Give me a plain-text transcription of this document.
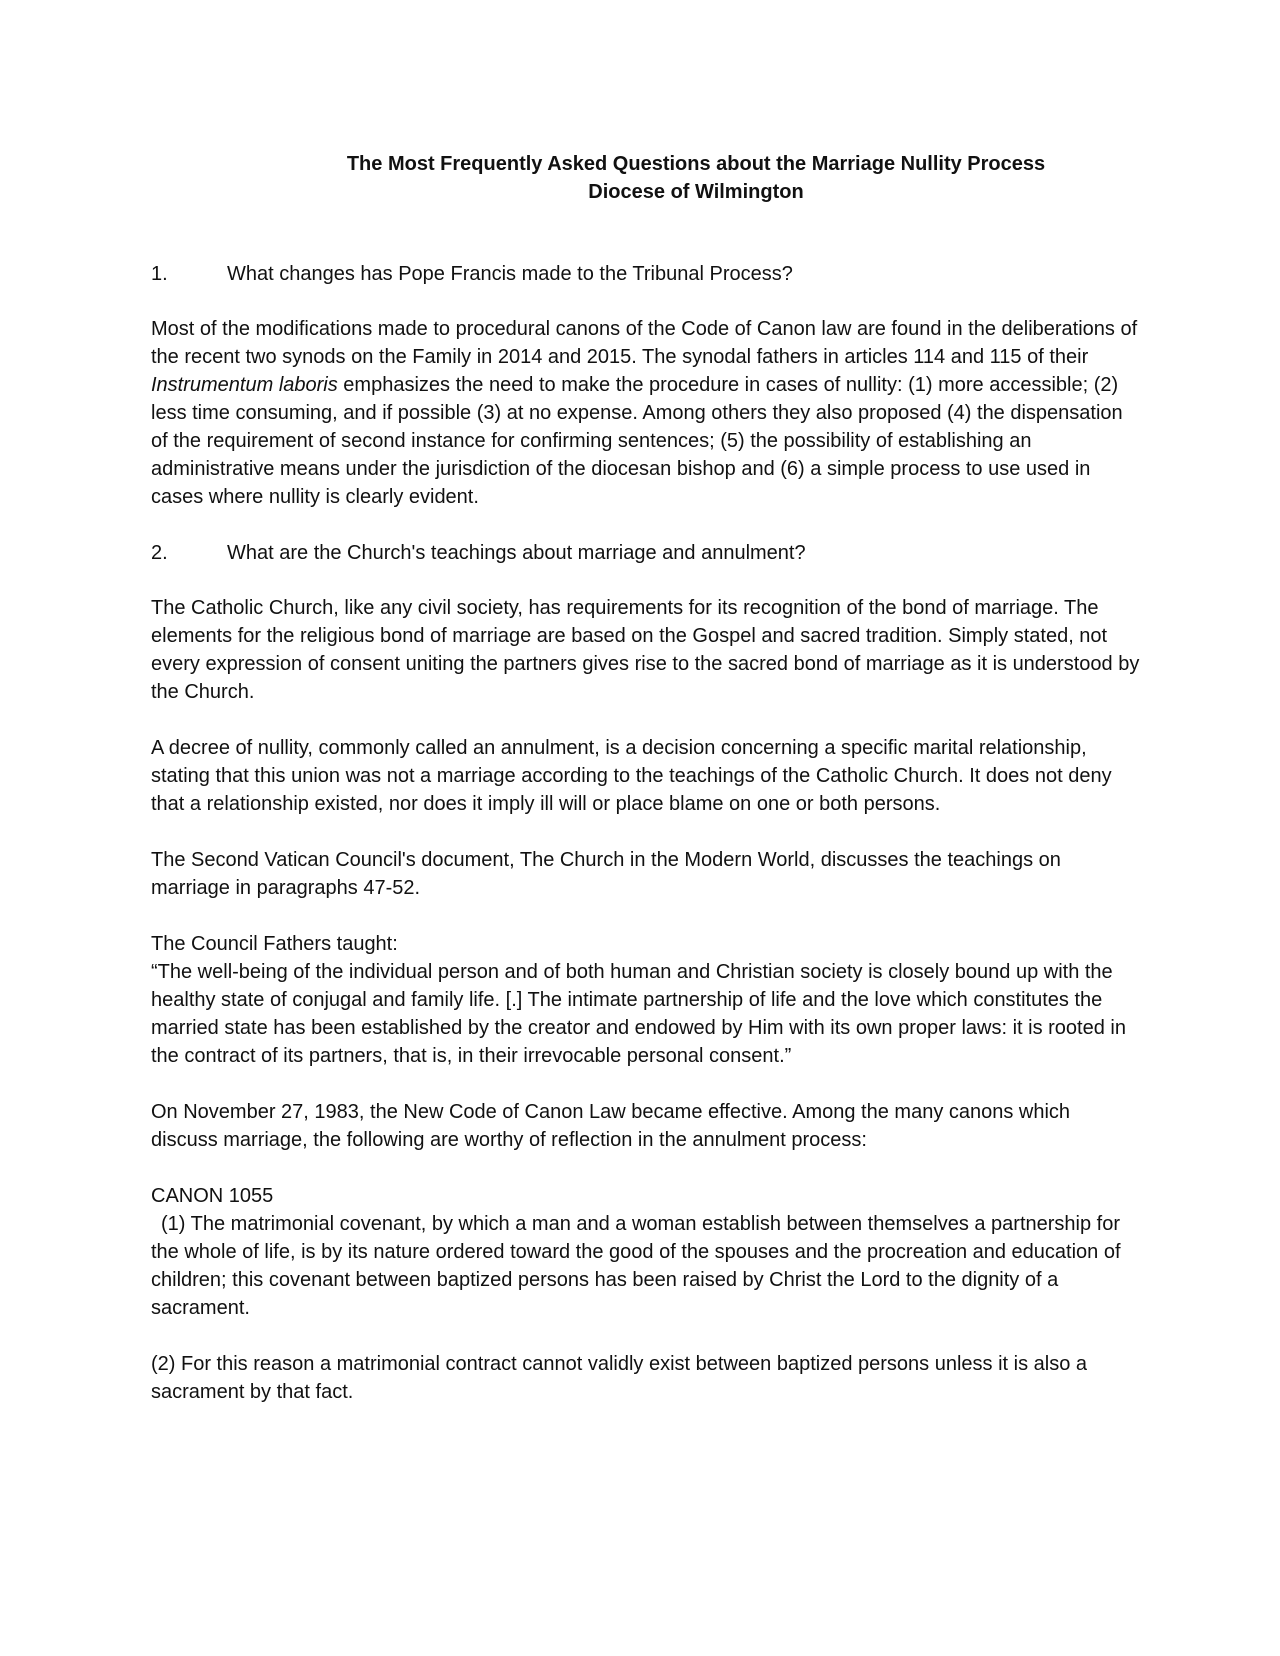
The Most Frequently Asked Questions about the Marriage Nullity Process
Diocese of Wilmington
1.	What changes has Pope Francis made to the Tribunal Process?

Most of the modifications made to procedural canons of the Code of Canon law are found in the deliberations of the recent two synods on the Family in 2014 and 2015. The synodal fathers in articles 114 and 115 of their Instrumentum laboris emphasizes the need to make the procedure in cases of nullity: (1) more accessible; (2) less time consuming, and if possible (3) at no expense. Among others they also proposed (4) the dispensation of the requirement of second instance for confirming sentences; (5) the possibility of establishing an administrative means under the jurisdiction of the diocesan bishop and (6) a simple process to use used in cases where nullity is clearly evident.

2.	What are the Church's teachings about marriage and annulment?

The Catholic Church, like any civil society, has requirements for its recognition of the bond of marriage. The elements for the religious bond of marriage are based on the Gospel and sacred tradition. Simply stated, not every expression of consent uniting the partners gives rise to the sacred bond of marriage as it is understood by the Church.

A decree of nullity, commonly called an annulment, is a decision concerning a specific marital relationship, stating that this union was not a marriage according to the teachings of the Catholic Church. It does not deny that a relationship existed, nor does it imply ill will or place blame on one or both persons.

The Second Vatican Council's document, The Church in the Modern World, discusses the teachings on marriage in paragraphs 47-52.

The Council Fathers taught:

“The well-being of the individual person and of both human and Christian society is closely bound up with the healthy state of conjugal and family life. [.] The intimate partnership of life and the love which constitutes the married state has been established by the creator and endowed by Him with its own proper laws: it is rooted in the contract of its partners, that is, in their irrevocable personal consent.”

On November 27, 1983, the New Code of Canon Law became effective. Among the many canons which discuss marriage, the following are worthy of reflection in the annulment process:

CANON 1055

(1) The matrimonial covenant, by which a man and a woman establish between themselves a partnership for the whole of life, is by its nature ordered toward the good of the spouses and the procreation and education of children; this covenant between baptized persons has been raised by Christ the Lord to the dignity of a sacrament.

(2) For this reason a matrimonial contract cannot validly exist between baptized persons unless it is also a sacrament by that fact.
